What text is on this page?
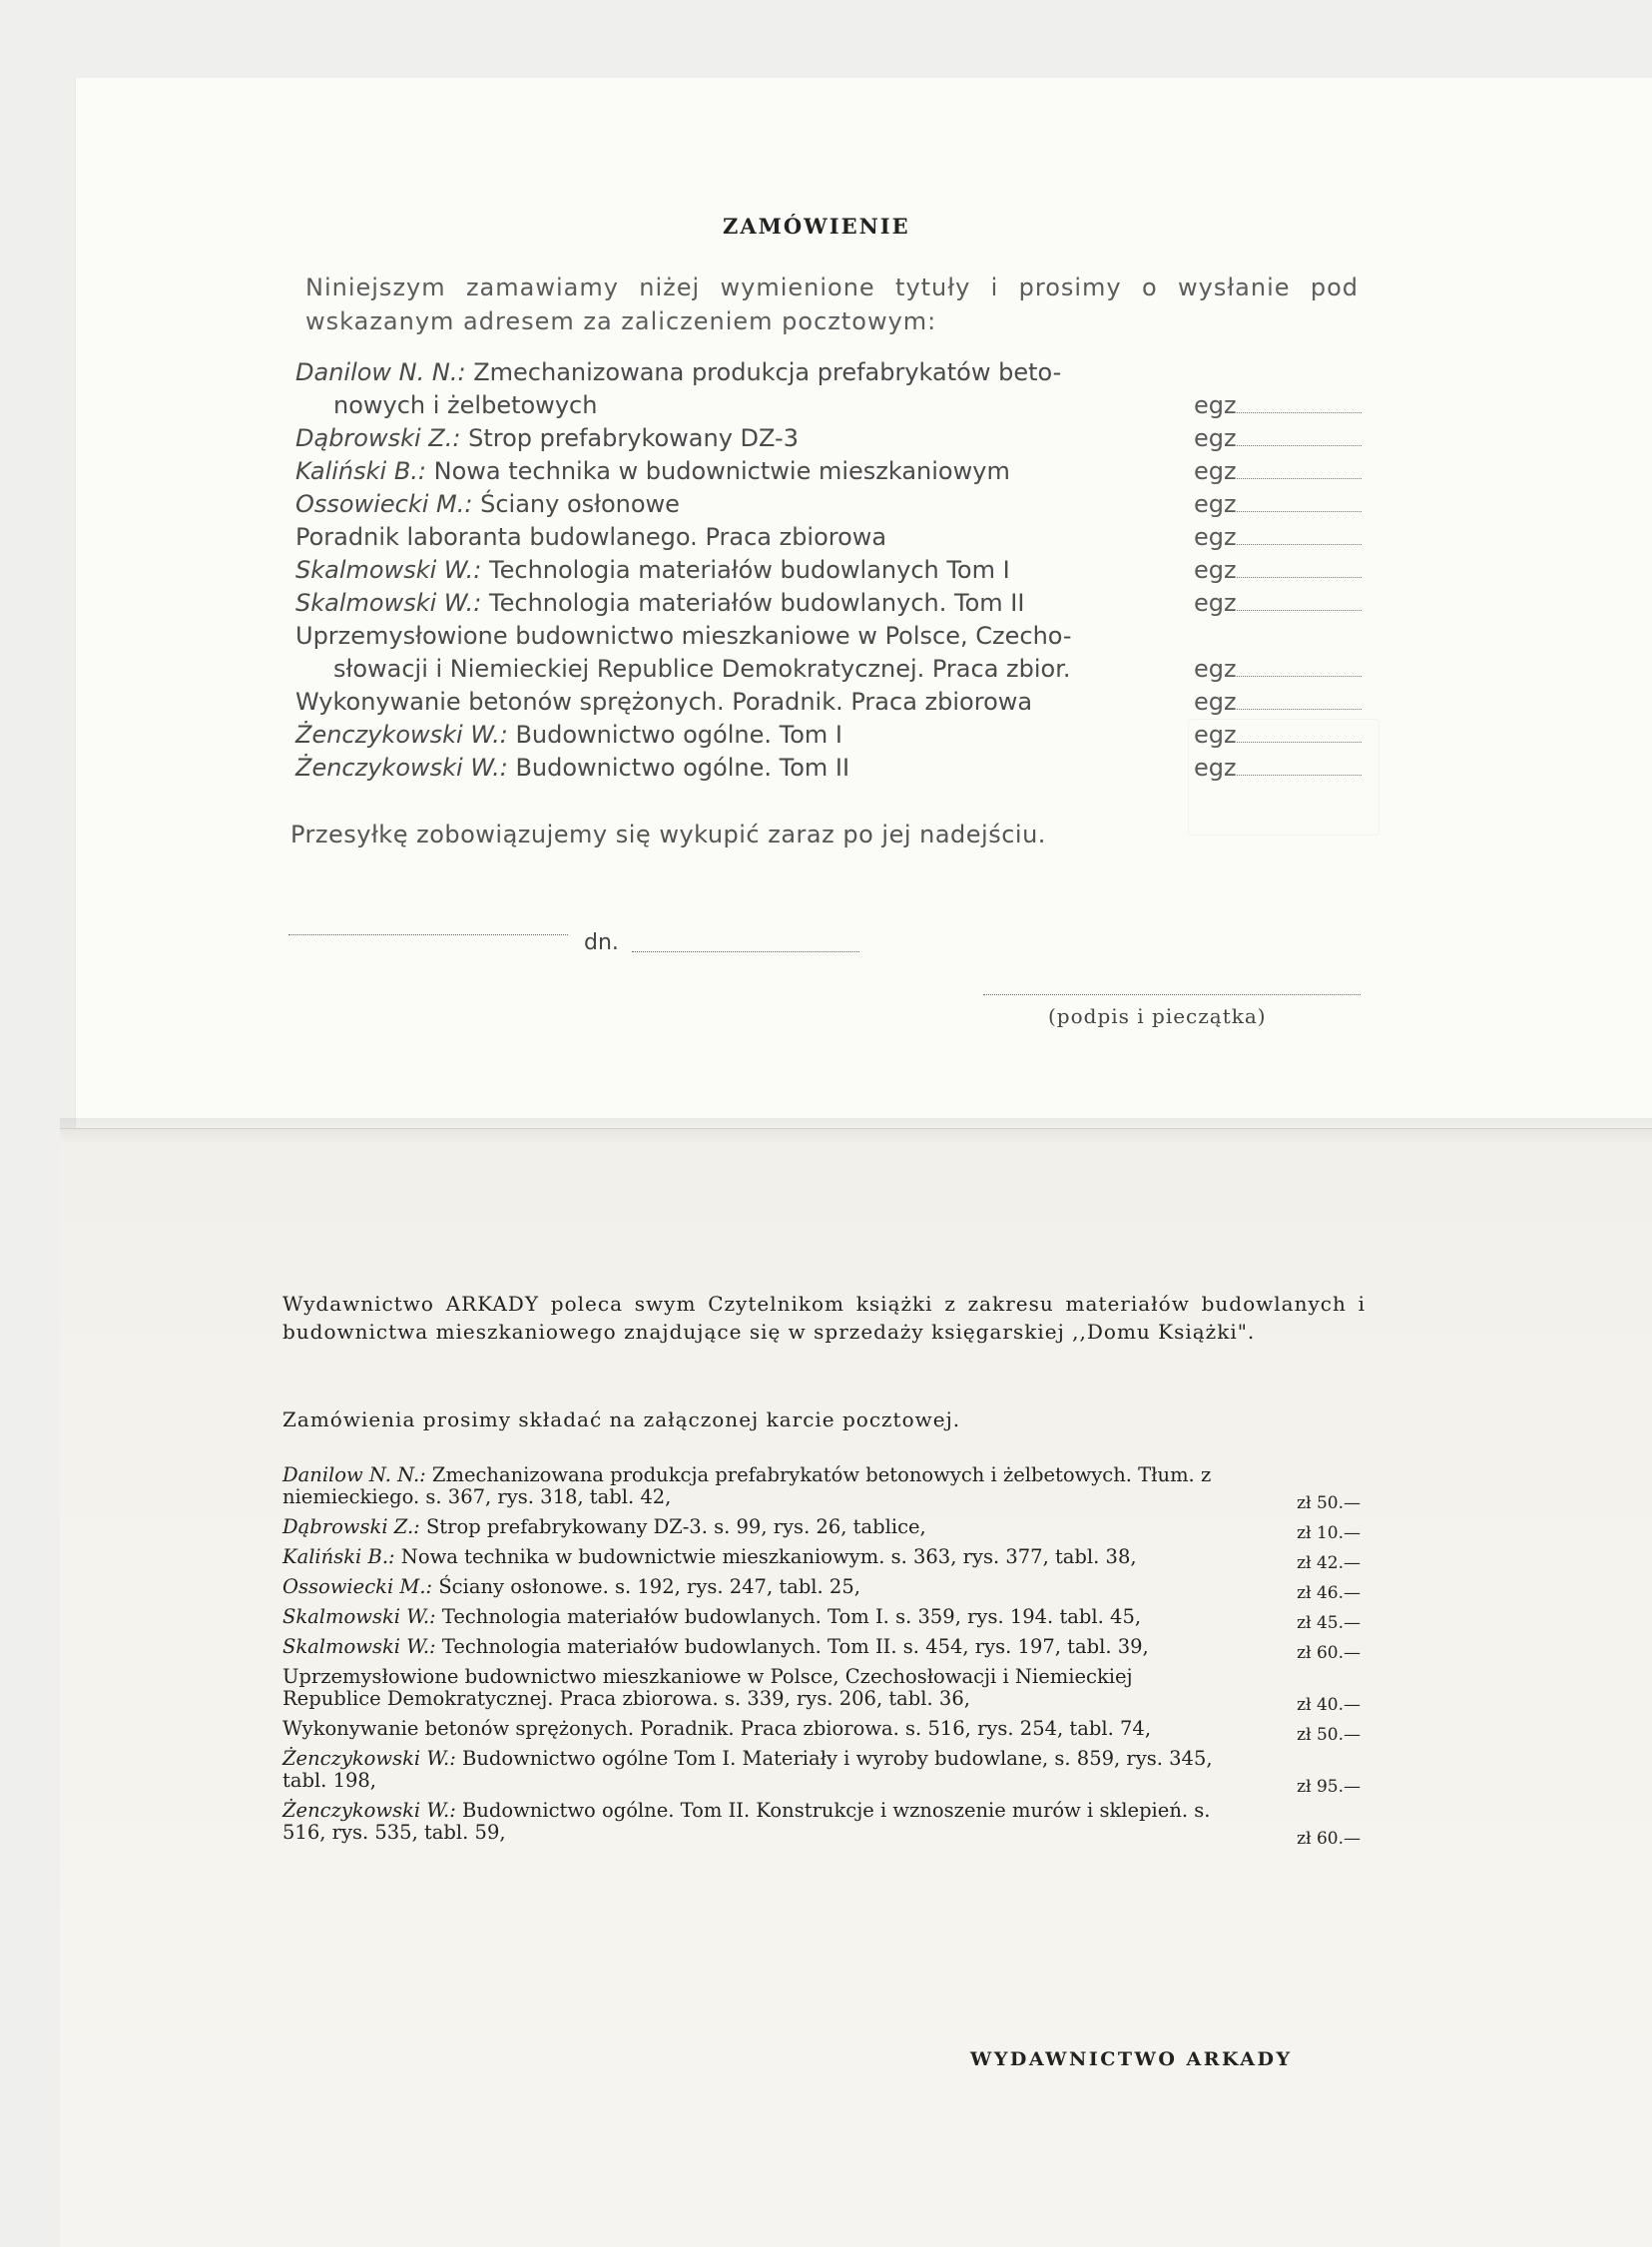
ZAMÓWIENIE
Niniejszym zamawiamy niżej wymienione tytuły i prosimy o wysłanie pod wskazanym adresem za zaliczeniem pocztowym:
Danilow N. N.: Zmechanizowana produkcja prefabrykatów beto-
nowych i żelbetowych	egz
Dąbrowski Z.: Strop prefabrykowany DZ-3	egz
Kaliński B.: Nowa technika w budownictwie mieszkaniowym	egz
Ossowiecki M.: Ściany osłonowe	egz
Poradnik laboranta budowlanego. Praca zbiorowa	egz
Skalmowski W.: Technologia materiałów budowlanych Tom I	egz
Skalmowski W.: Technologia materiałów budowlanych. Tom II	egz
Uprzemysłowione budownictwo mieszkaniowe w Polsce, Czecho-
słowacji i Niemieckiej Republice Demokratycznej. Praca zbior.	egz
Wykonywanie betonów sprężonych. Poradnik. Praca zbiorowa	egz
Żenczykowski W.: Budownictwo ogólne. Tom I	egz
Żenczykowski W.: Budownictwo ogólne. Tom II	egz
Przesyłkę zobowiązujemy się wykupić zaraz po jej nadejściu.
dn.
(podpis i pieczątka)
Wydawnictwo ARKADY poleca swym Czytelnikom książki z zakresu materiałów budowlanych i budownictwa mieszkaniowego znajdujące się w sprzedaży księgarskiej ,,Domu Książki".
Zamówienia prosimy składać na załączonej karcie pocztowej.
Danilow N. N.: Zmechanizowana produkcja prefabrykatów betonowych i żelbetowych. Tłum. z niemieckiego. s. 367, rys. 318, tabl. 42,	zł 50.—
Dąbrowski Z.: Strop prefabrykowany DZ-3. s. 99, rys. 26, tablice,	zł 10.—
Kaliński B.: Nowa technika w budownictwie mieszkaniowym. s. 363, rys. 377, tabl. 38,	zł 42.—
Ossowiecki M.: Ściany osłonowe. s. 192, rys. 247, tabl. 25,	zł 46.—
Skalmowski W.: Technologia materiałów budowlanych. Tom I. s. 359, rys. 194. tabl. 45,	zł 45.—
Skalmowski W.: Technologia materiałów budowlanych. Tom II. s. 454, rys. 197, tabl. 39,	zł 60.—
Uprzemysłowione budownictwo mieszkaniowe w Polsce, Czechosłowacji i Niemieckiej Republice Demokratycznej. Praca zbiorowa. s. 339, rys. 206, tabl. 36,	zł 40.—
Wykonywanie betonów sprężonych. Poradnik. Praca zbiorowa. s. 516, rys. 254, tabl. 74,	zł 50.—
Żenczykowski W.: Budownictwo ogólne Tom I. Materiały i wyroby budowlane, s. 859, rys. 345, tabl. 198,	zł 95.—
Żenczykowski W.: Budownictwo ogólne. Tom II. Konstrukcje i wznoszenie murów i sklepień. s. 516, rys. 535, tabl. 59,	zł 60.—
WYDAWNICTWO ARKADY
